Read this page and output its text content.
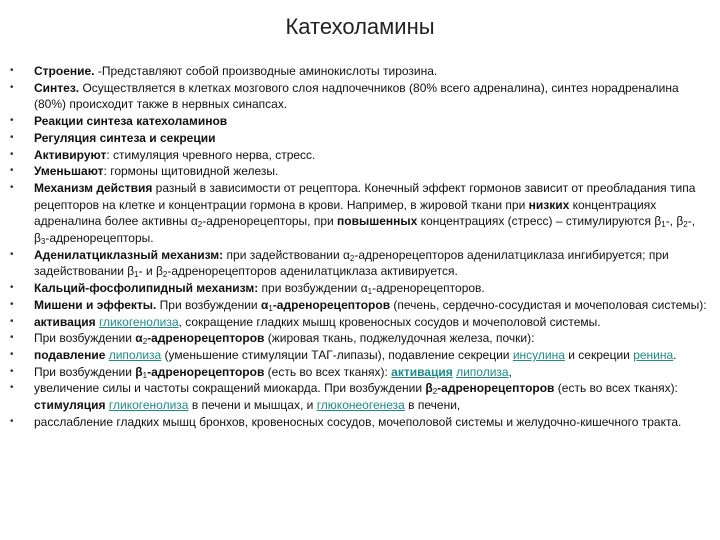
Катехоламины
•	Строение. -Представляют собой производные аминокислоты тирозина.
•	Синтез. Осуществляется в клетках мозгового слоя надпочечников (80% всего адреналина), синтез норадреналина (80%) происходит также в нервных синапсах.
•	Реакции синтеза катехоламинов
•	Регуляция синтеза и секреции
•	Активируют: стимуляция чревного нерва, стресс.
•	Уменьшают: гормоны щитовидной железы.
•	Механизм действия разный в зависимости от рецептора. Конечный эффект гормонов зависит от преобладания типа рецепторов на клетке и концентрации гормона в крови. Например, в жировой ткани при низких концентрациях адреналина более активны $\alpha_2$-адренорецепторы, при повышенных концентрациях (стресс) – стимулируются $\beta_1-$, $\beta_2-$, $\beta_3$-адренорецепторы.
•	Аденилатциклазный механизм: при задействовании $\alpha_2$-адренорецепторов аденилатциклаза ингибируется; при задействовании $\beta_1-$ и $\beta_2$-адренорецепторов аденилатциклаза активируется.
•	Кальций-фосфолипидный механизм: при возбуждении $\alpha_1$-адренорецепторов.
•	Мишени и эффекты. При возбуждении $\alpha_1$-адренорецепторов (печень, сердечно-сосудистая и мочеполовая системы):
•	активация гликогенолиза, сокращение гладких мышц кровеносных сосудов и мочеполовой системы.
•	При возбуждении $\alpha_2$-адренорецепторов (жировая ткань, поджелудочная железа, почки):
•	подавление липолиза (уменьшение стимуляции ТАГ-липазы), подавление секреции инсулина и секреции ренина.
•	При возбуждении $\beta_1$-адренорецепторов (есть во всех тканях): активация липолиза,
•	увеличение силы и частоты сокращений миокарда. При возбуждении $\beta_2$-адренорецепторов (есть во всех тканях): стимуляция гликогенолиза в печени и мышцах, и глюконеогенеза в печени,
•	расслабление гладких мышц бронхов, кровеносных сосудов, мочеполовой системы и желудочно-кишечного тракта.
